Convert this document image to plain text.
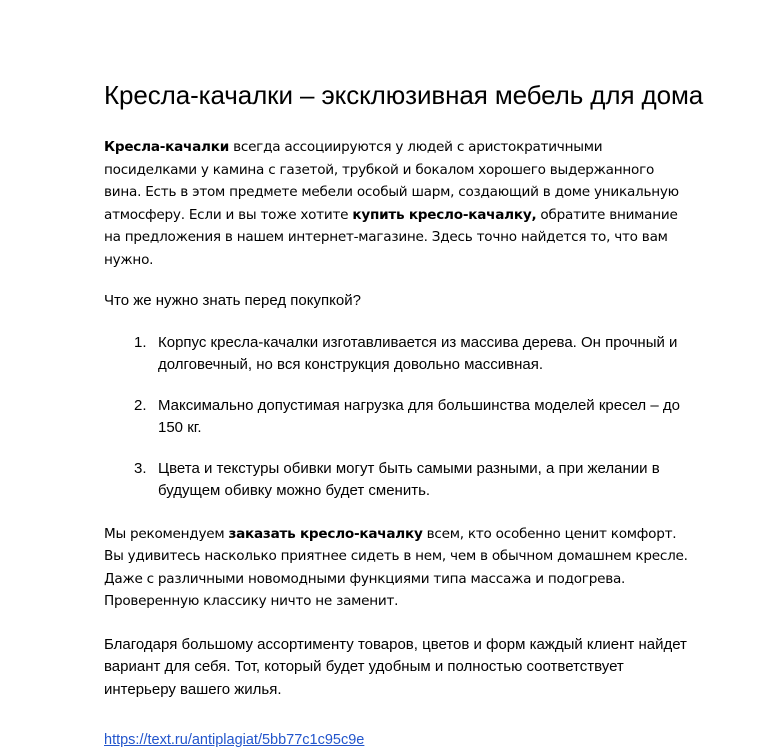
Кресла-качалки – эксклюзивная мебель для дома

Кресла-качалки всегда ассоциируются у людей с аристократичными посиделками у камина с газетой, трубкой и бокалом хорошего выдержанного вина. Есть в этом предмете мебели особый шарм, создающий в доме уникальную атмосферу. Если и вы тоже хотите купить кресло-качалку, обратите внимание на предложения в нашем интернет-магазине. Здесь точно найдется то, что вам нужно.

Что же нужно знать перед покупкой?

1. Корпус кресла-качалки изготавливается из массива дерева. Он прочный и долговечный, но вся конструкция довольно массивная.
2. Максимально допустимая нагрузка для большинства моделей кресел – до 150 кг.
3. Цвета и текстуры обивки могут быть самыми разными, а при желании в будущем обивку можно будет сменить.

Мы рекомендуем заказать кресло-качалку всем, кто особенно ценит комфорт. Вы удивитесь насколько приятнее сидеть в нем, чем в обычном домашнем кресле. Даже с различными новомодными функциями типа массажа и подогрева. Проверенную классику ничто не заменит.

Благодаря большому ассортименту товаров, цветов и форм каждый клиент найдет вариант для себя. Тот, который будет удобным и полностью соответствует интерьеру вашего жилья.

https://text.ru/antiplagiat/5bb77c1c95c9e
